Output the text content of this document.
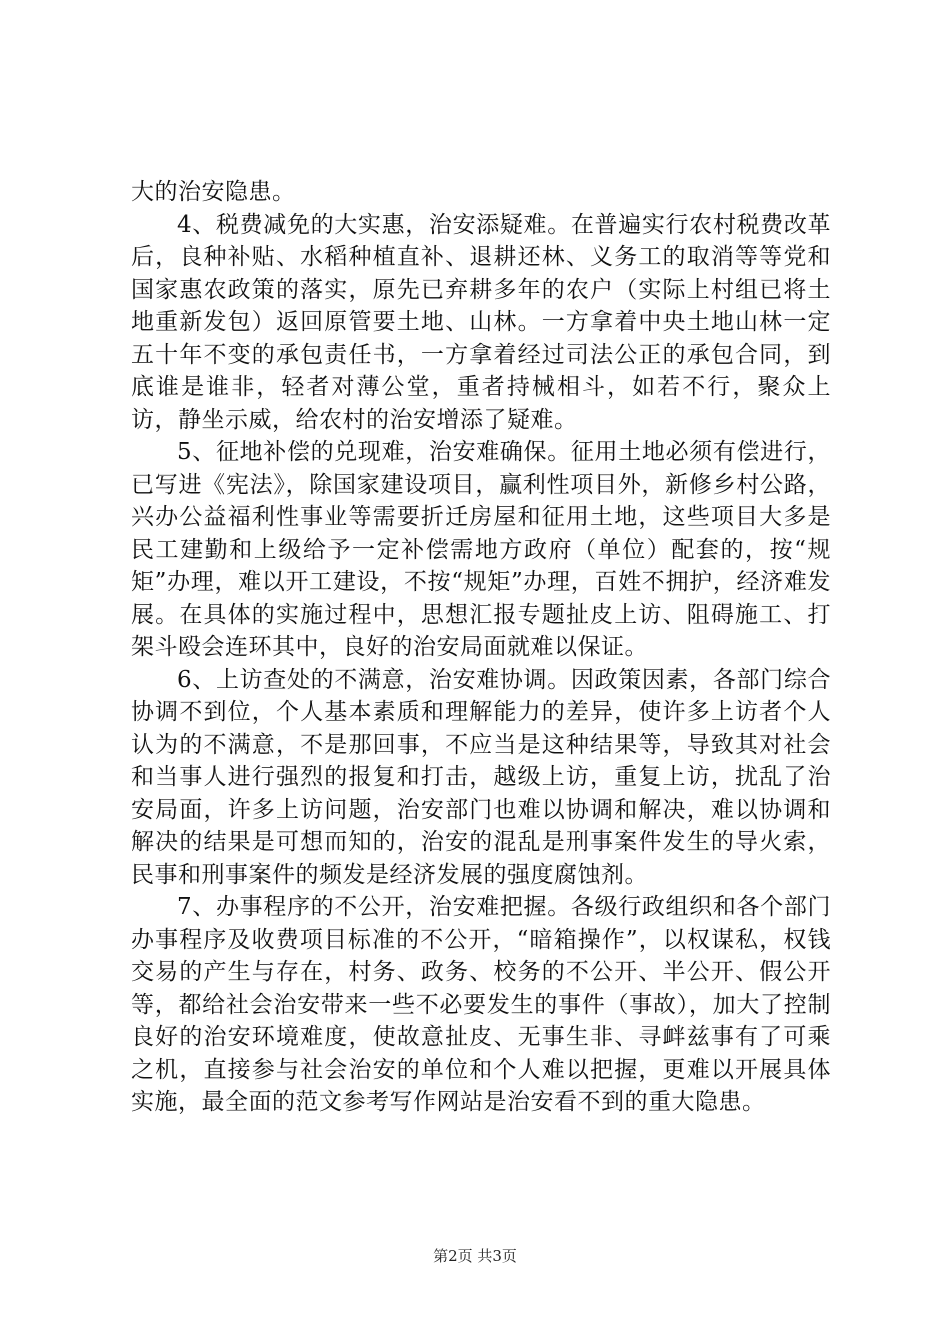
大的治安隐患。

4、税费减免的大实惠，治安添疑难。在普遍实行农村税费改革后，良种补贴、水稻种植直补、退耕还林、义务工的取消等等党和国家惠农政策的落实，原先已弃耕多年的农户（实际上村组已将土地重新发包）返回原管要土地、山林。一方拿着中央土地山林一定五十年不变的承包责任书，一方拿着经过司法公正的承包合同，到底谁是谁非，轻者对薄公堂，重者持械相斗，如若不行，聚众上访，静坐示威，给农村的治安增添了疑难。

5、征地补偿的兑现难，治安难确保。征用土地必须有偿进行，已写进《宪法》，除国家建设项目，赢利性项目外，新修乡村公路，兴办公益福利性事业等需要折迁房屋和征用土地，这些项目大多是民工建勤和上级给予一定补偿需地方政府（单位）配套的，按“规矩”办理，难以开工建设，不按“规矩”办理，百姓不拥护，经济难发展。在具体的实施过程中，思想汇报专题扯皮上访、阻碍施工、打架斗殴会连环其中，良好的治安局面就难以保证。

6、上访查处的不满意，治安难协调。因政策因素，各部门综合协调不到位，个人基本素质和理解能力的差异，使许多上访者个人认为的不满意，不是那回事，不应当是这种结果等，导致其对社会和当事人进行强烈的报复和打击，越级上访，重复上访，扰乱了治安局面，许多上访问题，治安部门也难以协调和解决，难以协调和解决的结果是可想而知的，治安的混乱是刑事案件发生的导火索，民事和刑事案件的频发是经济发展的强度腐蚀剂。

7、办事程序的不公开，治安难把握。各级行政组织和各个部门办事程序及收费项目标准的不公开，“暗箱操作”，以权谋私，权钱交易的产生与存在，村务、政务、校务的不公开、半公开、假公开等，都给社会治安带来一些不必要发生的事件（事故），加大了控制良好的治安环境难度，使故意扯皮、无事生非、寻衅兹事有了可乘之机，直接参与社会治安的单位和个人难以把握，更难以开展具体实施，最全面的范文参考写作网站是治安看不到的重大隐患。

第2页 共3页
